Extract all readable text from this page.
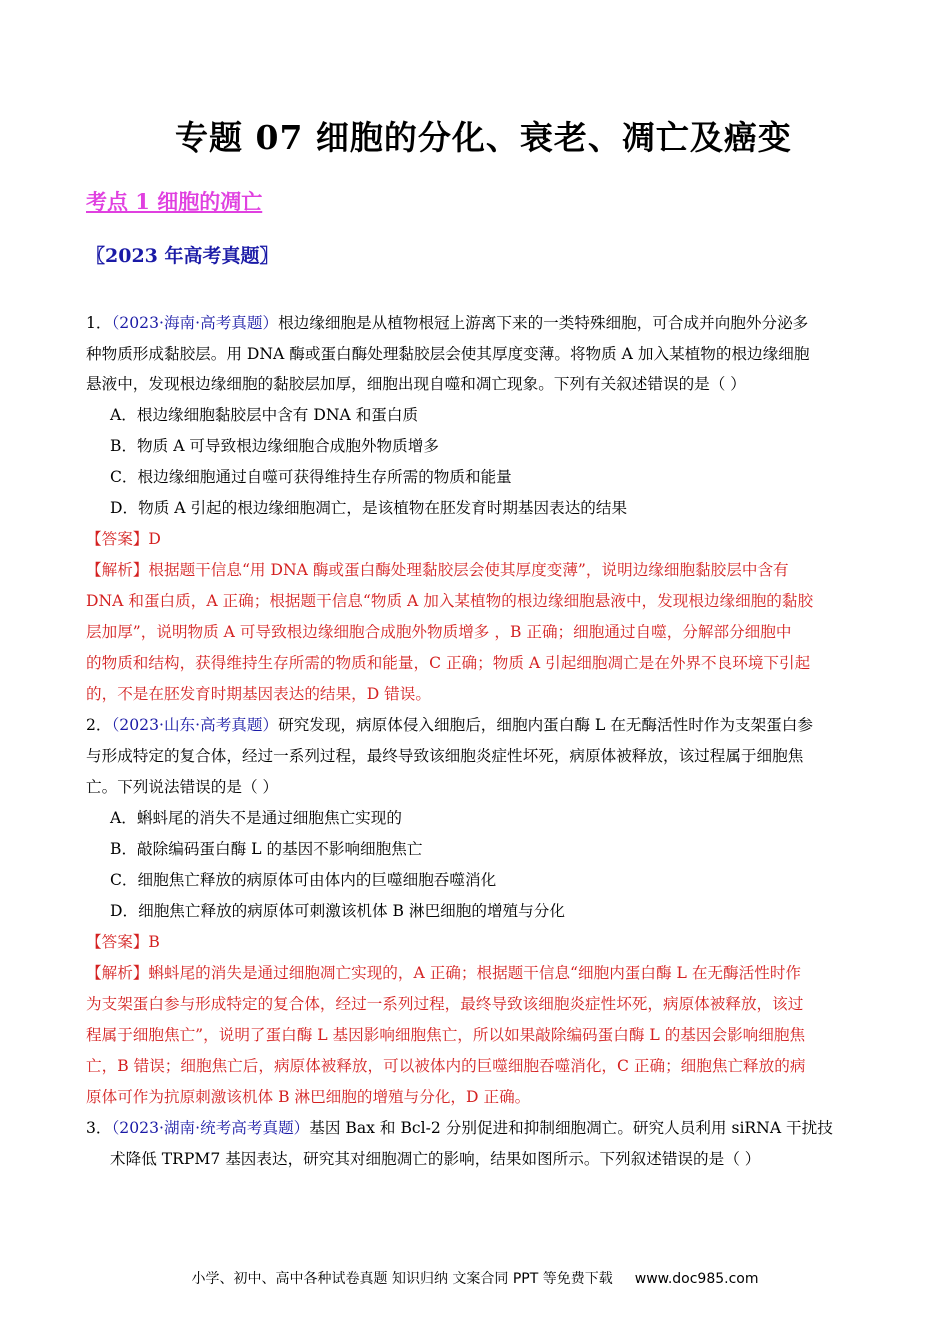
专题 07 细胞的分化、衰老、凋亡及癌变
考点 1 细胞的凋亡
〖2023 年高考真题〗
1．（2023·海南·高考真题）根边缘细胞是从植物根冠上游离下来的一类特殊细胞，可合成并向胞外分泌多
种物质形成黏胶层。用 DNA 酶或蛋白酶处理黏胶层会使其厚度变薄。将物质 A 加入某植物的根边缘细胞
悬液中，发现根边缘细胞的黏胶层加厚，细胞出现自噬和凋亡现象。下列有关叙述错误的是（ ）
A．根边缘细胞黏胶层中含有 DNA 和蛋白质
B．物质 A 可导致根边缘细胞合成胞外物质增多
C．根边缘细胞通过自噬可获得维持生存所需的物质和能量
D．物质 A 引起的根边缘细胞凋亡，是该植物在胚发育时期基因表达的结果
【答案】D
【解析】根据题干信息“用 DNA 酶或蛋白酶处理黏胶层会使其厚度变薄”，说明边缘细胞黏胶层中含有
DNA 和蛋白质，A 正确；根据题干信息“物质 A 加入某植物的根边缘细胞悬液中，发现根边缘细胞的黏胶
层加厚”，说明物质 A 可导致根边缘细胞合成胞外物质增多 ，B 正确；细胞通过自噬，分解部分细胞中
的物质和结构，获得维持生存所需的物质和能量，C 正确；物质 A 引起细胞凋亡是在外界不良环境下引起
的，不是在胚发育时期基因表达的结果，D 错误。
2．（2023·山东·高考真题）研究发现，病原体侵入细胞后，细胞内蛋白酶 L 在无酶活性时作为支架蛋白参
与形成特定的复合体，经过一系列过程，最终导致该细胞炎症性坏死，病原体被释放，该过程属于细胞焦
亡。下列说法错误的是（ ）
A．蝌蚪尾的消失不是通过细胞焦亡实现的
B．敲除编码蛋白酶 L 的基因不影响细胞焦亡
C．细胞焦亡释放的病原体可由体内的巨噬细胞吞噬消化
D．细胞焦亡释放的病原体可刺激该机体 B 淋巴细胞的增殖与分化
【答案】B
【解析】蝌蚪尾的消失是通过细胞凋亡实现的，A 正确；根据题干信息“细胞内蛋白酶 L 在无酶活性时作
为支架蛋白参与形成特定的复合体，经过一系列过程，最终导致该细胞炎症性坏死，病原体被释放，该过
程属于细胞焦亡”，说明了蛋白酶 L 基因影响细胞焦亡，所以如果敲除编码蛋白酶 L 的基因会影响细胞焦
亡，B 错误；细胞焦亡后，病原体被释放，可以被体内的巨噬细胞吞噬消化，C 正确；细胞焦亡释放的病
原体可作为抗原刺激该机体 B 淋巴细胞的增殖与分化，D 正确。
3．（2023·湖南·统考高考真题）基因 Bax 和 Bcl-2 分别促进和抑制细胞凋亡。研究人员利用 siRNA 干扰技
术降低 TRPM7 基因表达，研究其对细胞凋亡的影响，结果如图所示。下列叙述错误的是（ ）
小学、初中、高中各种试卷真题 知识归纳 文案合同 PPT 等免费下载 www.doc985.com
